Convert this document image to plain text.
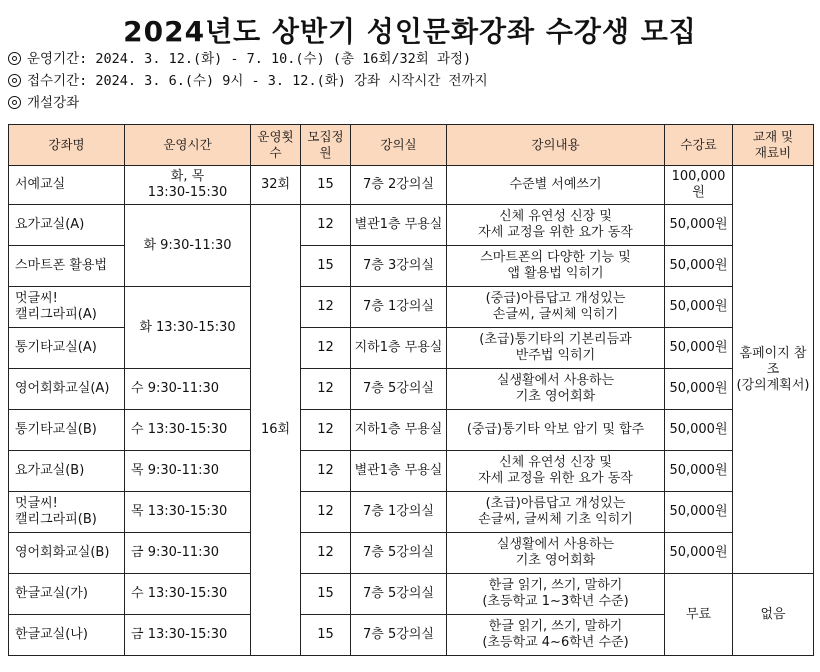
2024년도 상반기 성인문화강좌 수강생 모집
운영기간: 2024. 3. 12.(화) - 7. 10.(수) (총 16회/32회 과정)
접수기간: 2024. 3. 6.(수) 9시 - 3. 12.(화) 강좌 시작시간 전까지
개설강좌
강좌명	운영시간	운영횟수	모집정원	강의실	강의내용	수강료	교재 및
재료비
서예교실	화, 목
13:30-15:30	32회	15	7층 2강의실	수준별 서예쓰기	100,000원	홈페이지 참조
(강의계획서)
요가교실(A)	화 9:30-11:30	16회	12	별관1층 무용실	신체 유연성 신장 및
자세 교정을 위한 요가 동작	50,000원	
스마트폰 활용법			15	7층 3강의실	스마트폰의 다양한 기능 및
앱 활용법 익히기	50,000원	
멋글씨!
캘리그라피(A)	화 13:30-15:30		12	7층 1강의실	(중급)아름답고 개성있는
손글씨, 글씨체 익히기	50,000원	
통기타교실(A)			12	지하1층 무용실	(초급)통기타의 기본리듬과
반주법 익히기	50,000원	
영어회화교실(A)	수 9:30-11:30		12	7층 5강의실	실생활에서 사용하는
기초 영어회화	50,000원	
통기타교실(B)	수 13:30-15:30		12	지하1층 무용실	(중급)통기타 악보 암기 및 합주	50,000원	
요가교실(B)	목 9:30-11:30		12	별관1층 무용실	신체 유연성 신장 및
자세 교정을 위한 요가 동작	50,000원	
멋글씨!
캘리그라피(B)	목 13:30-15:30		12	7층 1강의실	(초급)아름답고 개성있는
손글씨, 글씨체 기초 익히기	50,000원	
영어회화교실(B)	금 9:30-11:30		12	7층 5강의실	실생활에서 사용하는
기초 영어회화	50,000원	
한글교실(가)	수 13:30-15:30		15	7층 5강의실	한글 읽기, 쓰기, 말하기
(초등학교 1~3학년 수준)	무료	없음
한글교실(나)	금 13:30-15:30		15	7층 5강의실	한글 읽기, 쓰기, 말하기
(초등학교 4~6학년 수준)		
